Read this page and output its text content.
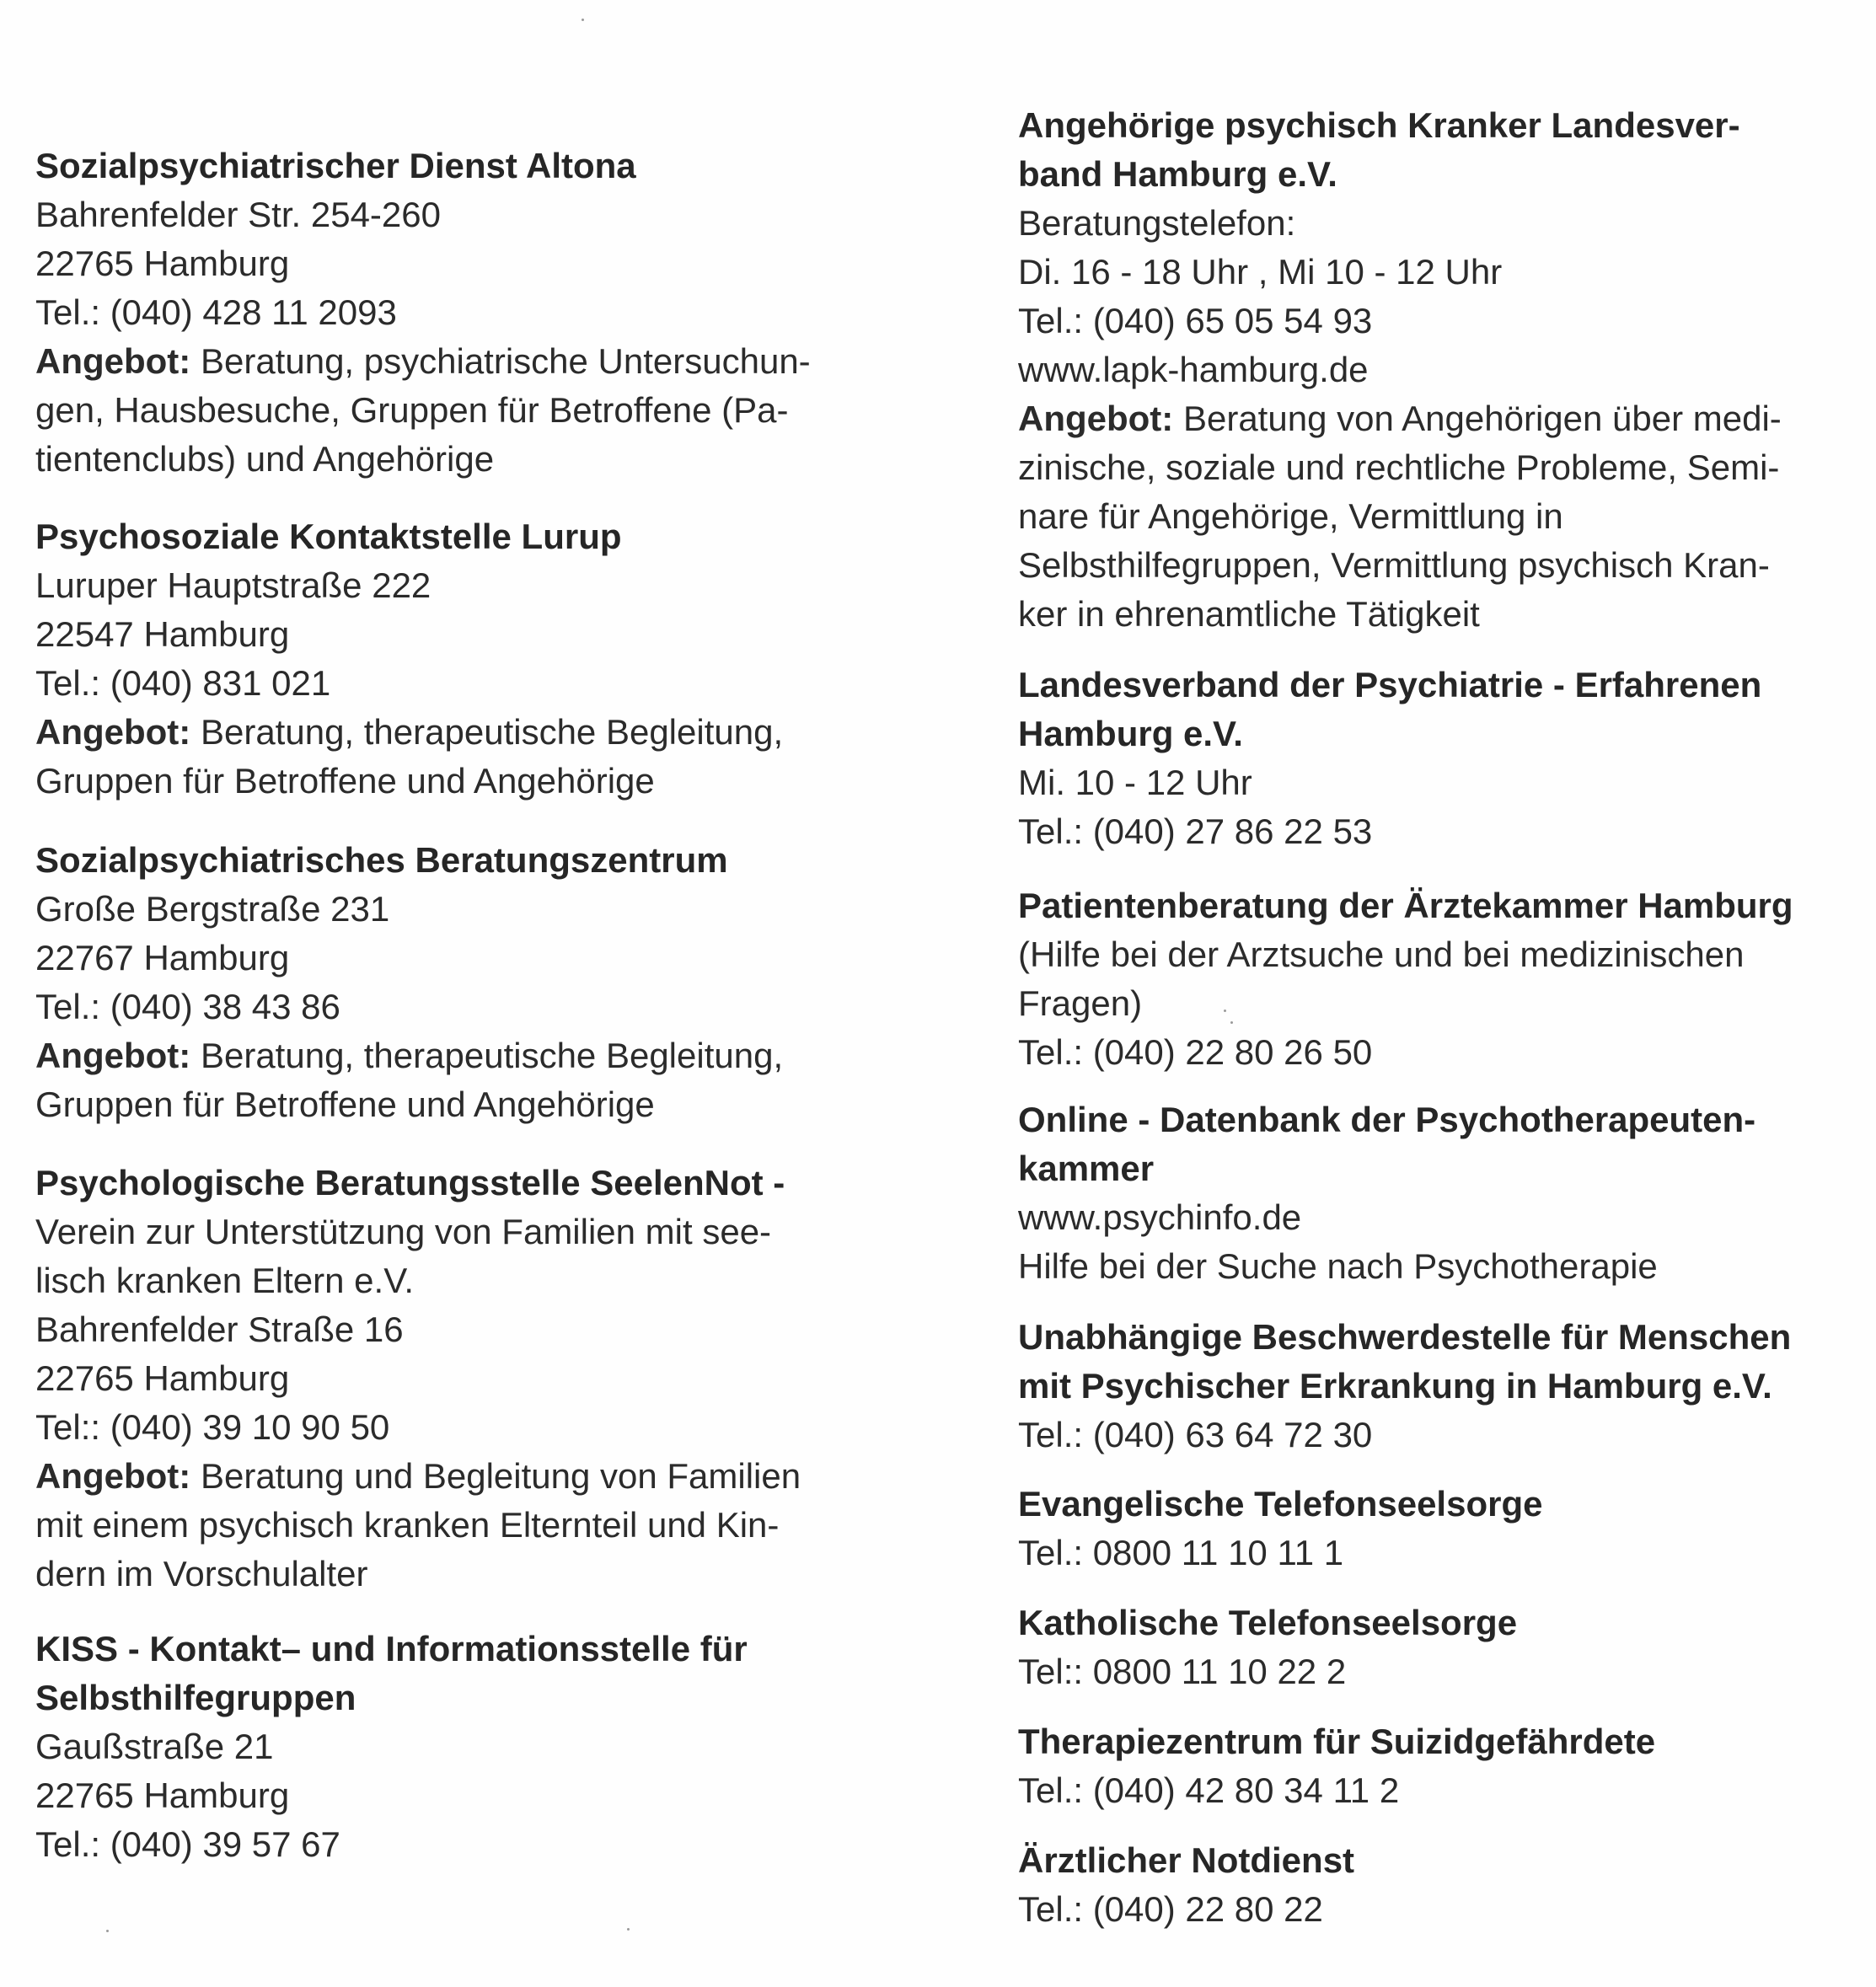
Sozialpsychiatrischer Dienst Altona
Bahrenfelder Str. 254-260
22765 Hamburg
Tel.: (040) 428 11 2093
Angebot: Beratung, psychiatrische Untersuchun-
gen, Hausbesuche, Gruppen für Betroffene (Pa-
tientenclubs) und Angehörige
Psychosoziale Kontaktstelle Lurup
Luruper Hauptstraße 222
22547 Hamburg
Tel.: (040) 831 021
Angebot: Beratung, therapeutische Begleitung,
Gruppen für Betroffene und Angehörige
Sozialpsychiatrisches Beratungszentrum
Große Bergstraße 231
22767 Hamburg
Tel.: (040) 38 43 86
Angebot: Beratung, therapeutische Begleitung,
Gruppen für Betroffene und Angehörige
Psychologische Beratungsstelle SeelenNot -
Verein zur Unterstützung von Familien mit see-
lisch kranken Eltern e.V.
Bahrenfelder Straße 16
22765 Hamburg
Tel:: (040) 39 10 90 50
Angebot: Beratung und Begleitung von Familien
mit einem psychisch kranken Elternteil und Kin-
dern im Vorschulalter
KISS - Kontakt– und Informationsstelle für
Selbsthilfegruppen
Gaußstraße 21
22765 Hamburg
Tel.: (040) 39 57 67
Angehörige psychisch Kranker Landesver-
band Hamburg e.V.
Beratungstelefon:
Di. 16 - 18 Uhr , Mi 10 - 12 Uhr
Tel.: (040) 65 05 54 93
www.lapk-hamburg.de
Angebot: Beratung von Angehörigen über medi-
zinische, soziale und rechtliche Probleme, Semi-
nare für Angehörige, Vermittlung in
Selbsthilfegruppen, Vermittlung psychisch Kran-
ker in ehrenamtliche Tätigkeit
Landesverband der Psychiatrie - Erfahrenen
Hamburg e.V.
Mi. 10 - 12 Uhr
Tel.: (040) 27 86 22 53
Patientenberatung der Ärztekammer Hamburg
(Hilfe bei der Arztsuche und bei medizinischen
Fragen)
Tel.: (040) 22 80 26 50
Online - Datenbank der Psychotherapeuten-
kammer
www.psychinfo.de
Hilfe bei der Suche nach Psychotherapie
Unabhängige Beschwerdestelle für Menschen
mit Psychischer Erkrankung in Hamburg e.V.
Tel.: (040) 63 64 72 30
Evangelische Telefonseelsorge
Tel.: 0800 11 10 11 1
Katholische Telefonseelsorge
Tel:: 0800 11 10 22 2
Therapiezentrum für Suizidgefährdete
Tel.: (040) 42 80 34 11 2
Ärztlicher Notdienst
Tel.: (040) 22 80 22
